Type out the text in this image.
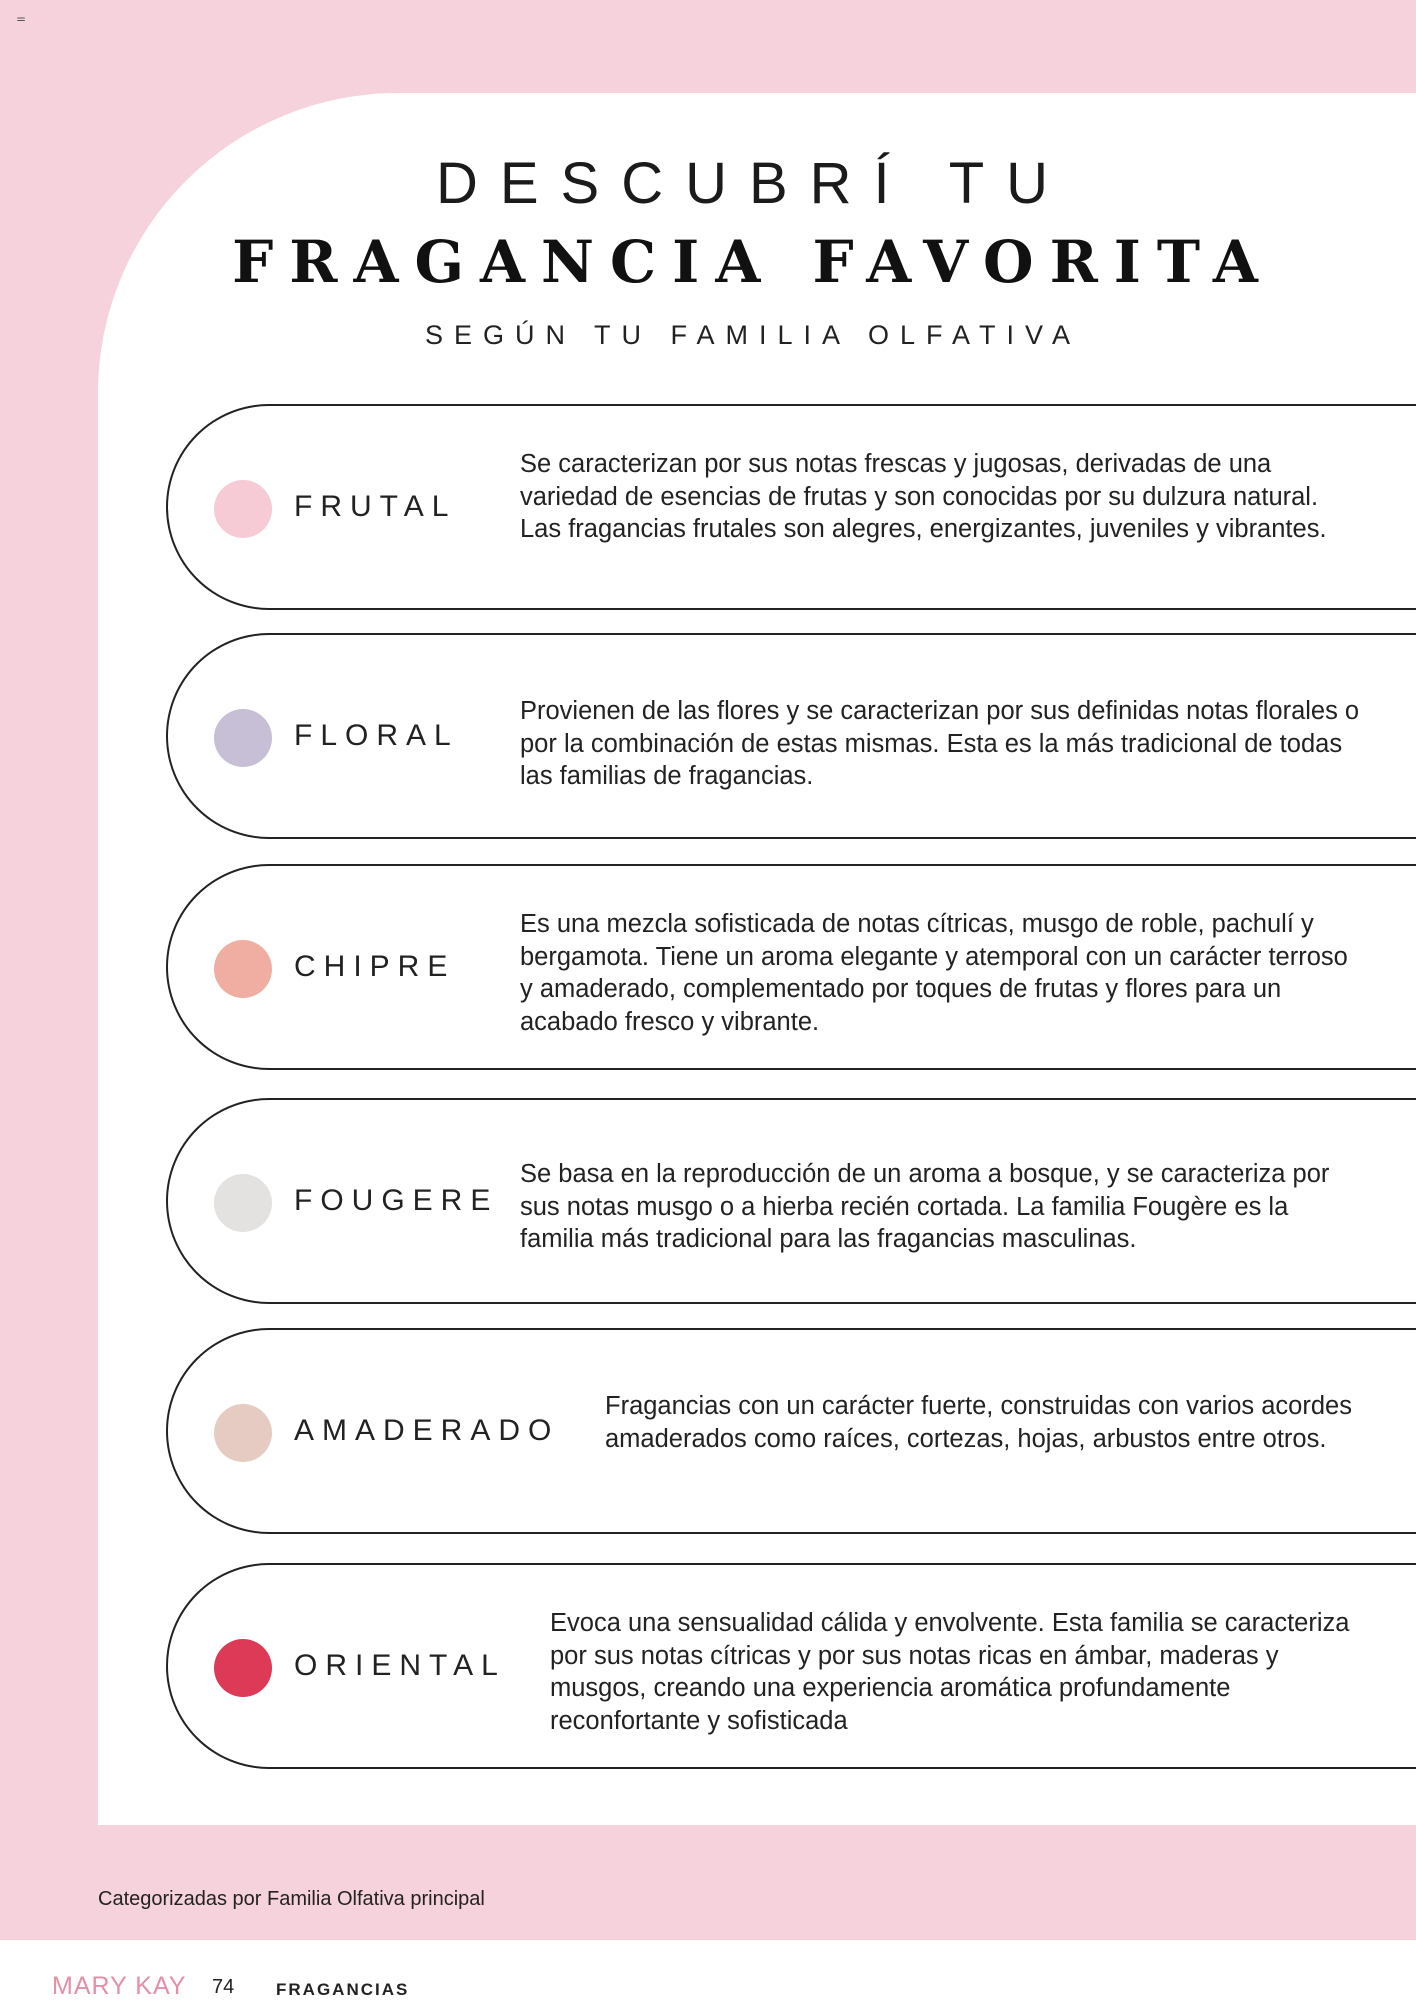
=
DESCUBRÍ TU
FRAGANCIA FAVORITA
SEGÚN TU FAMILIA OLFATIVA
FRUTAL
Se caracterizan por sus notas frescas y jugosas, derivadas de una variedad de esencias de frutas y son conocidas por su dulzura natural. Las fragancias frutales son alegres, energizantes, juveniles y vibrantes.
FLORAL
Provienen de las flores y se caracterizan por sus definidas notas florales o por la combinación de estas mismas. Esta es la más tradicional de todas las familias de fragancias.
CHIPRE
Es una mezcla sofisticada de notas cítricas, musgo de roble, pachulí y bergamota. Tiene un aroma elegante y atemporal con un carácter terroso y amaderado, complementado por toques de frutas y flores para un acabado fresco y vibrante.
FOUGERE
Se basa en la reproducción de un aroma a bosque, y se caracteriza por sus notas musgo o a hierba recién cortada. La familia Fougère es la familia más tradicional para las fragancias masculinas.
AMADERADO
Fragancias con un carácter fuerte, construidas con varios acordes amaderados como raíces, cortezas, hojas, arbustos entre otros.
ORIENTAL
Evoca una sensualidad cálida y envolvente. Esta familia se caracteriza por sus notas cítricas y por sus notas ricas en ámbar, maderas y musgos, creando una experiencia aromática profundamente reconfortante y sofisticada
Categorizadas por Familia Olfativa principal
MARY KAY 74 FRAGANCIAS
